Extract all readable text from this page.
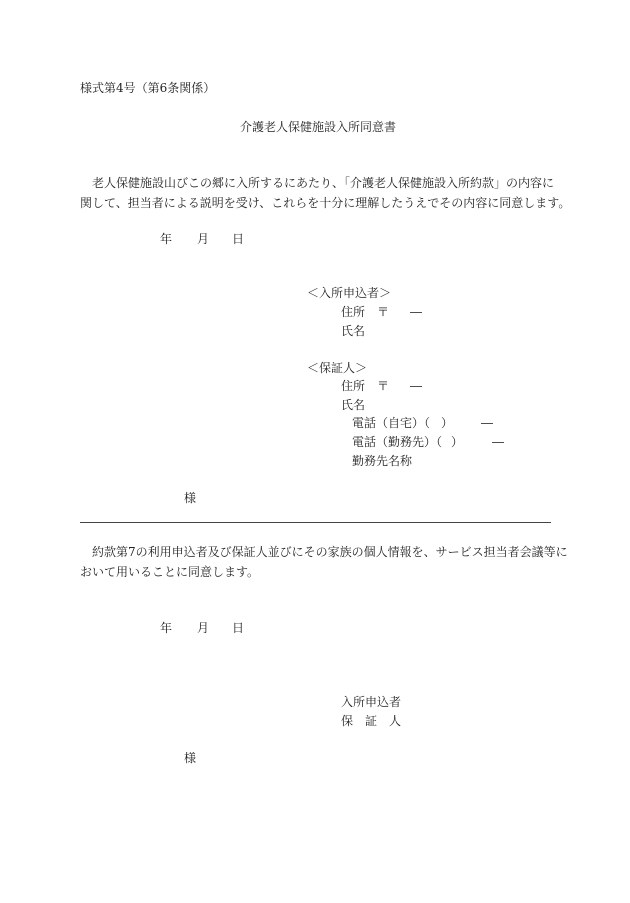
様式第4号（第6条関係）
介護老人保健施設入所同意書
老人保健施設山びこの郷に入所するにあたり、「介護老人保健施設入所約款」の内容に
関して、担当者による説明を受け、これらを十分に理解したうえでその内容に同意します。
年 月 日
＜入所申込者＞
住所 〒 ―
氏名
＜保証人＞
住所 〒 ―
氏名
電話（自宅）（ ） ―
電話（勤務先）（ ） ―
勤務先名称
様
約款第7の利用申込者及び保証人並びにその家族の個人情報を、サービス担当者会議等に
おいて用いることに同意します。
年 月 日
入所申込者
保　証　人
様
